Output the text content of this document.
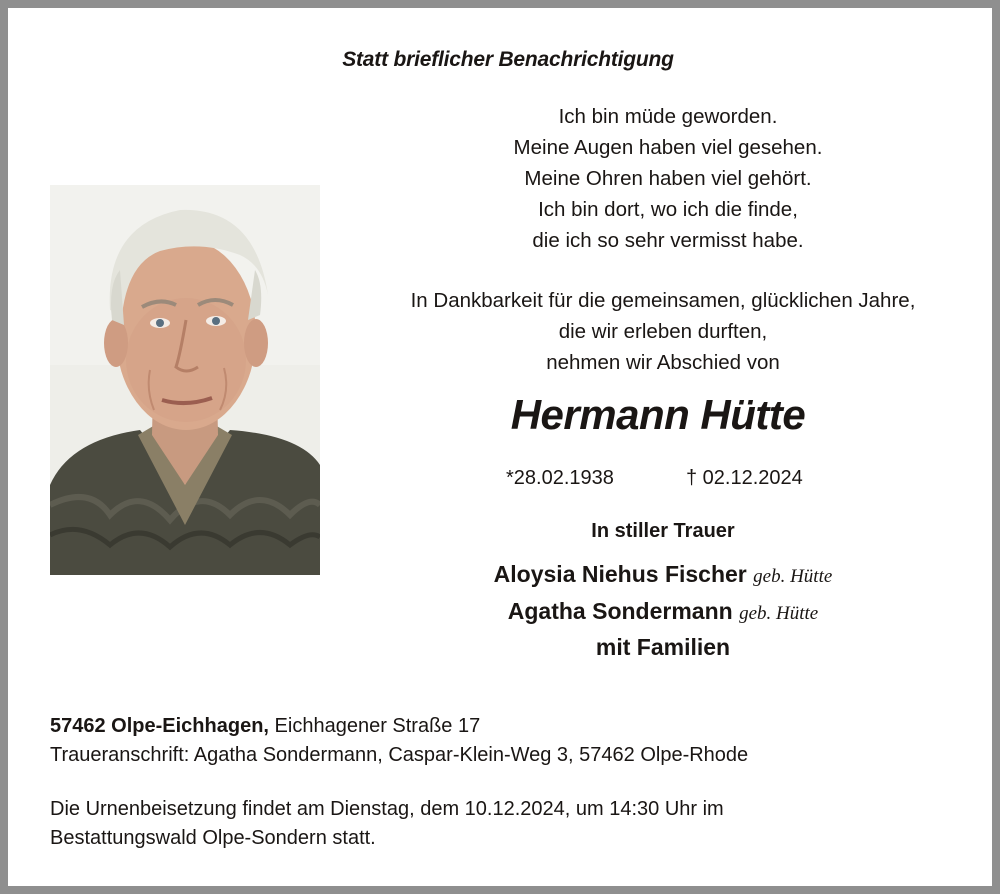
Statt brieflicher Benachrichtigung
Ich bin müde geworden.
Meine Augen haben viel gesehen.
Meine Ohren haben viel gehört.
Ich bin dort, wo ich die finde,
die ich so sehr vermisst habe.
In Dankbarkeit für die gemeinsamen, glücklichen Jahre,
die wir erleben durften,
nehmen wir Abschied von
Hermann Hütte
*28.02.1938	† 02.12.2024
In stiller Trauer
Aloysia Niehus Fischer geb. Hütte
Agatha Sondermann geb. Hütte
mit Familien
57462 Olpe-Eichhagen, Eichhagener Straße 17
Traueranschrift: Agatha Sondermann, Caspar-Klein-Weg 3, 57462 Olpe-Rhode
Die Urnenbeisetzung findet am Dienstag, dem 10.12.2024, um 14:30 Uhr im
Bestattungswald Olpe-Sondern statt.
